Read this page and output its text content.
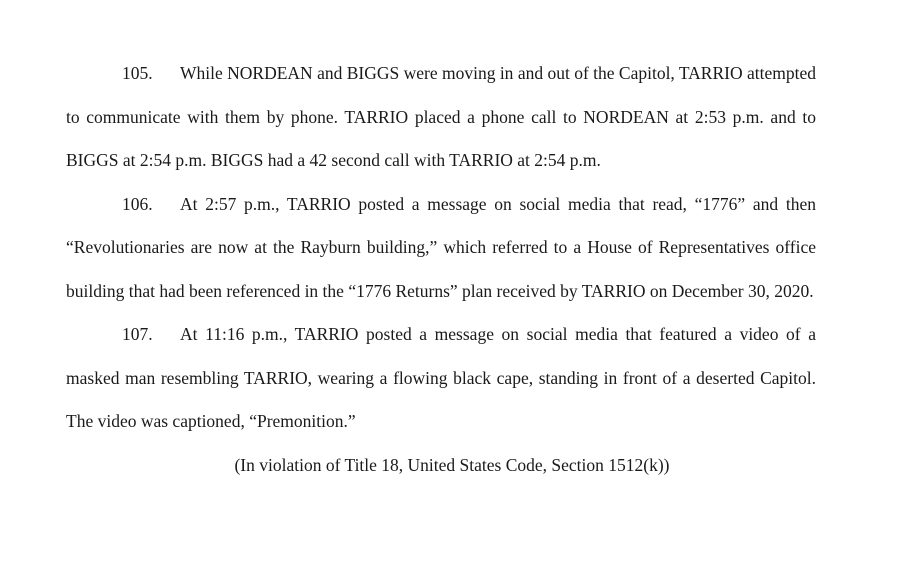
105. While NORDEAN and BIGGS were moving in and out of the Capitol, TARRIO attempted to communicate with them by phone. TARRIO placed a phone call to NORDEAN at 2:53 p.m. and to BIGGS at 2:54 p.m. BIGGS had a 42 second call with TARRIO at 2:54 p.m.

106. At 2:57 p.m., TARRIO posted a message on social media that read, “1776” and then “Revolutionaries are now at the Rayburn building,” which referred to a House of Representatives office building that had been referenced in the “1776 Returns” plan received by TARRIO on December 30, 2020.

107. At 11:16 p.m., TARRIO posted a message on social media that featured a video of a masked man resembling TARRIO, wearing a flowing black cape, standing in front of a deserted Capitol. The video was captioned, “Premonition.”

(In violation of Title 18, United States Code, Section 1512(k))
